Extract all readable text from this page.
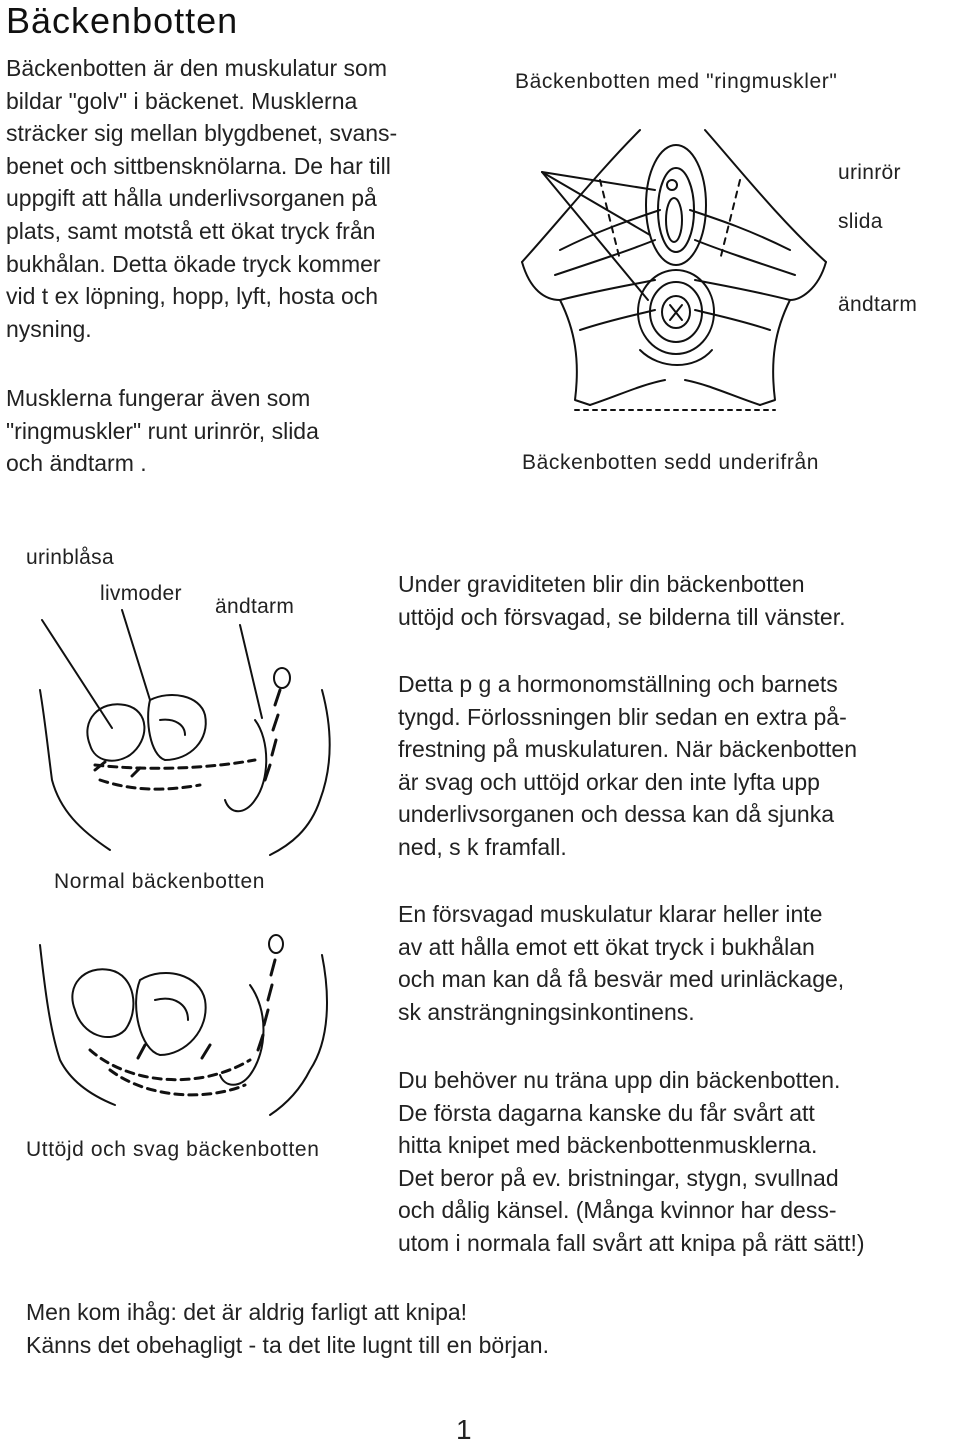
Bäckenbotten
Bäckenbotten är den muskulatur som
bildar "golv" i bäckenet. Musklerna
sträcker sig mellan blygdbenet, svans-
benet och sittbensknölarna. De har till
uppgift att hålla underlivsorganen på
plats, samt motstå ett ökat tryck från
bukhålan. Detta ökade tryck kommer
vid t ex löpning, hopp, lyft, hosta och
nysning.
Musklerna fungerar även som
"ringmuskler" runt urinrör, slida
och ändtarm .
Bäckenbotten med "ringmuskler"
urinrör
slida
ändtarm
Bäckenbotten sedd underifrån
urinblåsa
livmoder
ändtarm
Normal bäckenbotten
Uttöjd och svag bäckenbotten
Under graviditeten blir din bäckenbotten
uttöjd och försvagad, se bilderna till vänster.
Detta p g a hormonomställning och barnets
tyngd. Förlossningen blir sedan en extra på-
frestning på muskulaturen. När bäckenbotten
är svag och uttöjd orkar den inte lyfta upp
underlivsorganen och dessa kan då sjunka
ned, s k framfall.
En försvagad muskulatur klarar heller inte
av att hålla emot ett ökat tryck i bukhålan
och man kan då få besvär med urinläckage,
sk ansträngningsinkontinens.
Du behöver nu träna upp din bäckenbotten.
De första dagarna kanske du får svårt att
hitta knipet med bäckenbottenmusklerna.
Det beror på ev. bristningar, stygn, svullnad
och dålig känsel. (Många kvinnor har dess-
utom i normala fall svårt att knipa på rätt sätt!)
Men kom ihåg: det är aldrig farligt att knipa!
Känns det obehagligt - ta det lite lugnt till en början.
1
